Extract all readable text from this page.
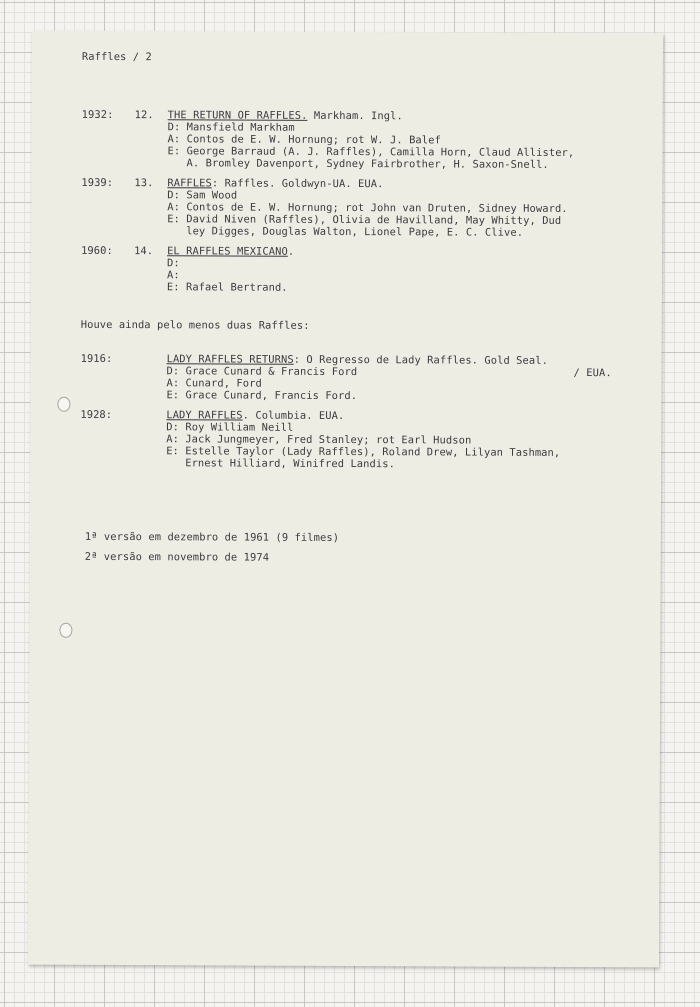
Raffles / 2
1932: 12. THE RETURN OF RAFFLES. Markham. Ingl.
D: Mansfield Markham
A: Contos de E. W. Hornung; rot W. J. Balef
E: George Barraud (A. J. Raffles), Camilla Horn, Claud Allister,
A. Bromley Davenport, Sydney Fairbrother, H. Saxon-Snell.
1939: 13. RAFFLES: Raffles. Goldwyn-UA. EUA.
D: Sam Wood
A: Contos de E. W. Hornung; rot John van Druten, Sidney Howard.
E: David Niven (Raffles), Olivia de Havilland, May Whitty, Dud
ley Digges, Douglas Walton, Lionel Pape, E. C. Clive.
1960: 14. EL RAFFLES MEXICANO.
D:
A:
E: Rafael Bertrand.
Houve ainda pelo menos duas Raffles:
1916:	LADY RAFFLES RETURNS: O Regresso de Lady Raffles. Gold Seal.
D: Grace Cunard & Francis Ford	/ EUA.
A: Cunard, Ford
E: Grace Cunard, Francis Ford.
1928:	LADY RAFFLES. Columbia. EUA.
D: Roy William Neill
A: Jack Jungmeyer, Fred Stanley; rot Earl Hudson
E: Estelle Taylor (Lady Raffles), Roland Drew, Lilyan Tashman,
Ernest Hilliard, Winifred Landis.
1ª versão em dezembro de 1961 (9 filmes)
2ª versão em novembro de 1974
